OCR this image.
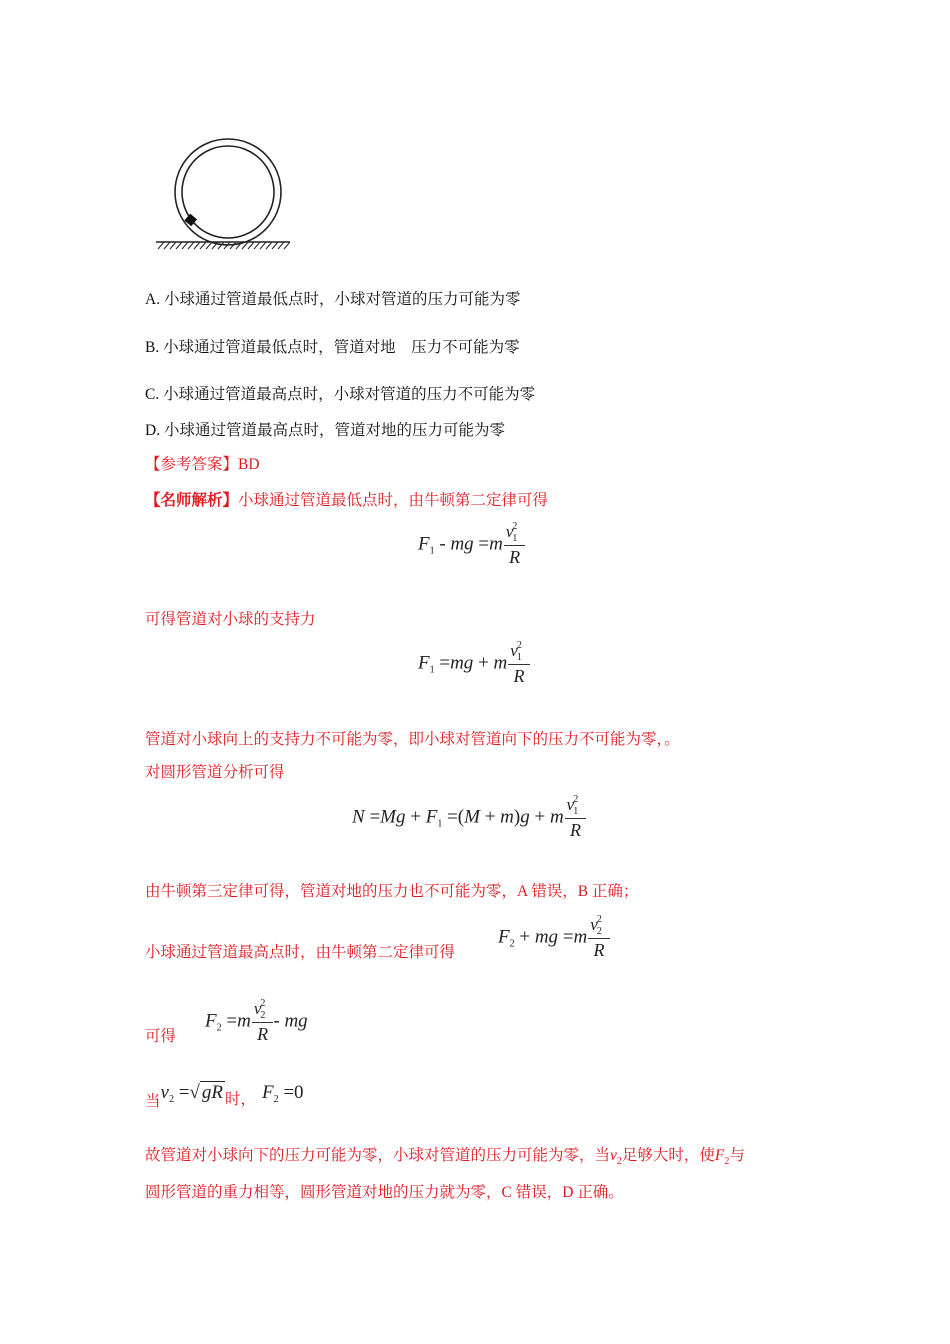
A. 小球通过管道最低点时，小球对管道的压力可能为零
B. 小球通过管道最低点时，管道对地　压力不可能为零
C. 小球通过管道最高点时，小球对管道的压力不可能为零
D. 小球通过管道最高点时，管道对地的压力可能为零
【参考答案】BD
【名师解析】小球通过管道最低点时，由牛顿第二定律可得
$F_1$ - mg $=m \frac{v^2_1}{R}$
可得管道对小球的支持力
$F_1 =mg + m \frac{v^2_1}{R}$
管道对小球向上的支持力不可能为零，即小球对管道向下的压力不可能为零，。
对圆形管道分析可得
$N =Mg + F_1 =(M + m)g + m \frac{v^2_1}{R}$
由牛顿第三定律可得，管道对地的压力也不可能为零，A 错误，B 正确；
小球通过管道最高点时，由牛顿第二定律可得
$F_2$ + mg $=m \frac{v^2_2}{R}$
可得
$F_2 =m \frac{v^2_2}{R}$ - mg
当$v_2$ =√ gR 时， $F_2 =0$
故管道对小球向下的压力可能为零，小球对管道的压力可能为零，当$v_2$足够大时，使$F_2$与
圆形管道的重力相等，圆形管道对地的压力就为零，C 错误，D 正确。
